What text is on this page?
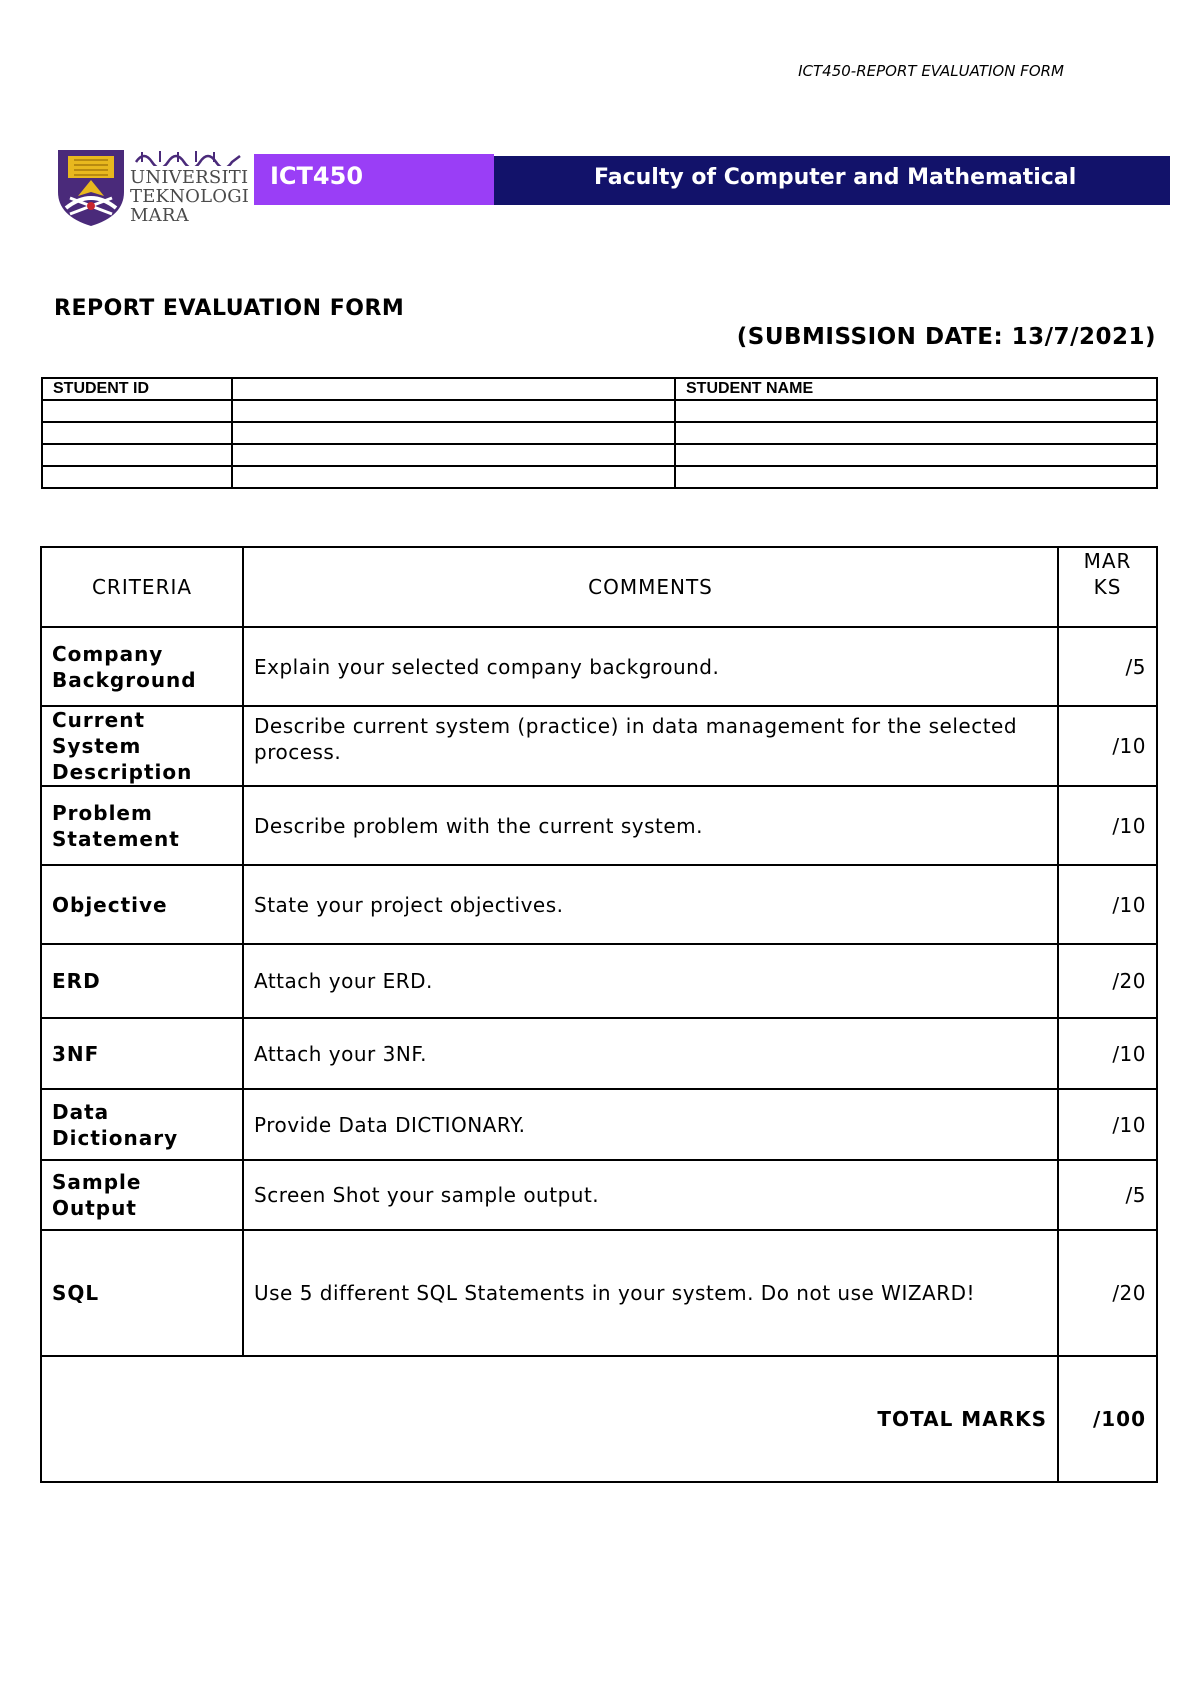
ICT450-REPORT EVALUATION FORM
UNIVERSITI
TEKNOLOGI
MARA
ICT450	Faculty of Computer and Mathematical
REPORT EVALUATION FORM
(SUBMISSION DATE: 13/7/2021)
STUDENT ID		STUDENT NAME

CRITERIA	COMMENTS	MAR
KS

Company
Background	Explain your selected company background.	/5

Current
System
Description	Describe current system (practice) in data management for the selected process.	/10

Problem
Statement	Describe problem with the current system.	/10

Objective	State your project objectives.	/10

ERD	Attach your ERD.	/20

3NF	Attach your 3NF.	/10

Data
Dictionary	Provide Data DICTIONARY.	/10

Sample
Output	Screen Shot your sample output.	/5

SQL	Use 5 different SQL Statements in your system. Do not use WIZARD!	/20
TOTAL MARKS		/100
